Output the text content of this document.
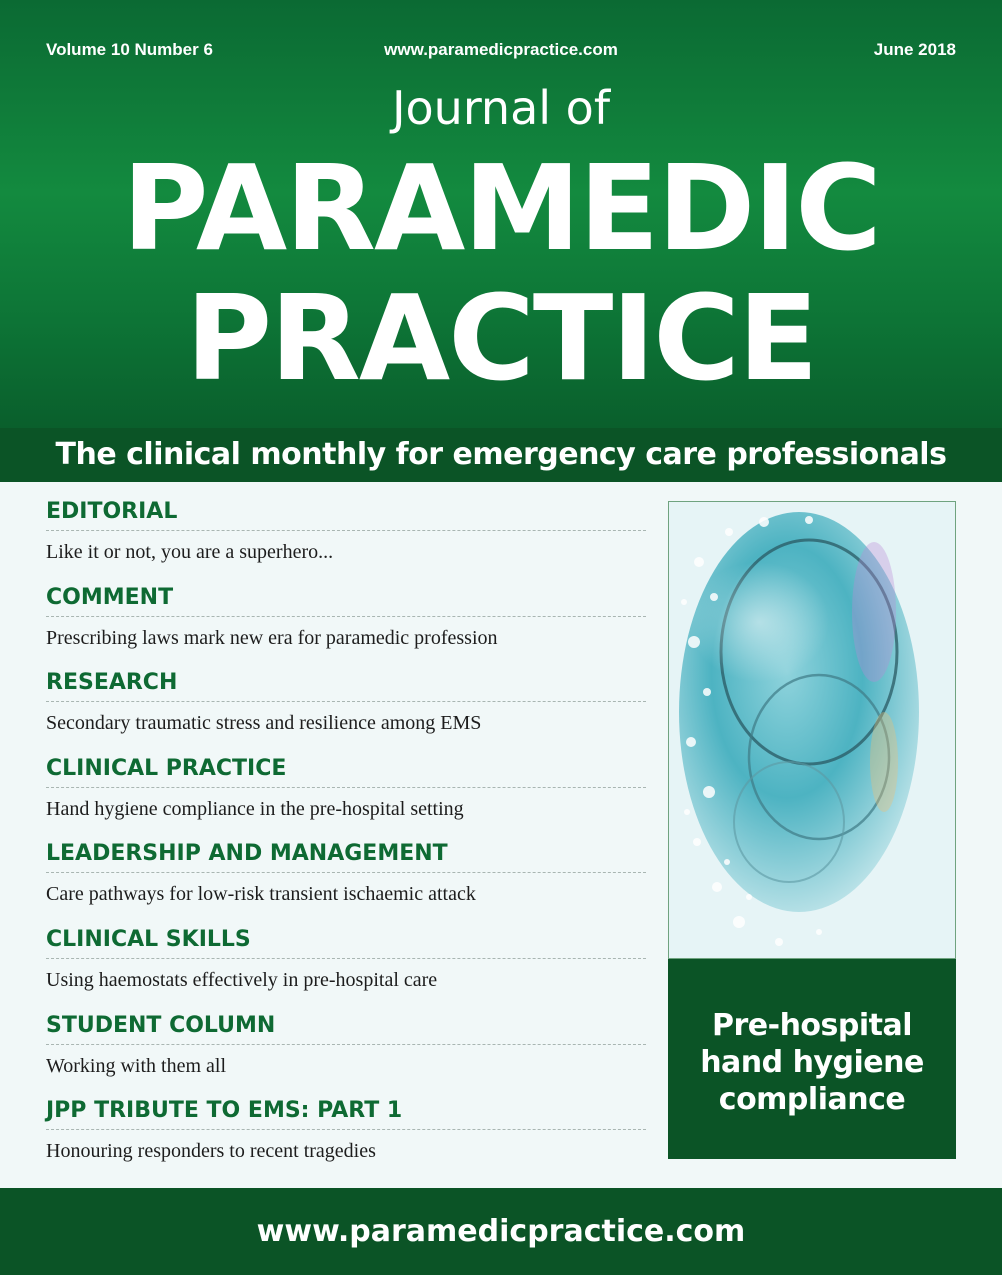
Volume 10 Number 6	www.paramedicpractice.com	June 2018
Journal of
PARAMEDIC
PRACTICE
The clinical monthly for emergency care professionals
EDITORIAL
Like it or not, you are a superhero...
COMMENT
Prescribing laws mark new era for paramedic profession
RESEARCH
Secondary traumatic stress and resilience among EMS
CLINICAL PRACTICE
Hand hygiene compliance in the pre-hospital setting
LEADERSHIP AND MANAGEMENT
Care pathways for low-risk transient ischaemic attack
CLINICAL SKILLS
Using haemostats effectively in pre-hospital care
STUDENT COLUMN
Working with them all
JPP TRIBUTE TO EMS: PART 1
Honouring responders to recent tragedies
Pre-hospital
hand hygiene
compliance
www.paramedicpractice.com
